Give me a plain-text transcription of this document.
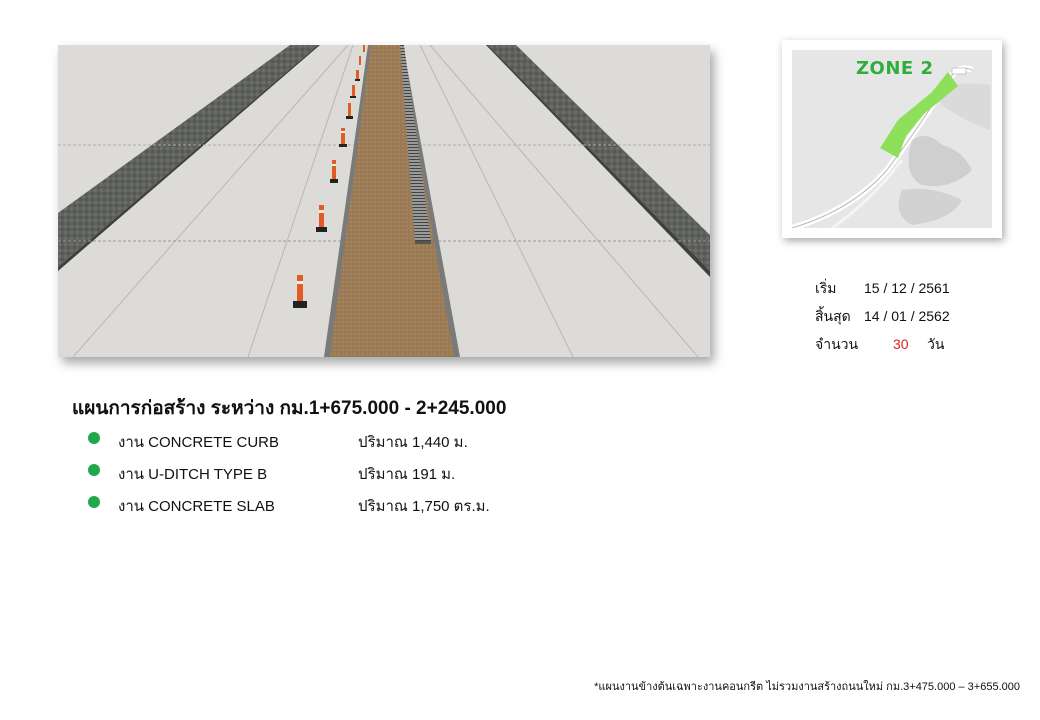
ZONE 2
เริ่ม 15 / 12 / 2561
สิ้นสุด 14 / 01 / 2562
จำนวน 30 วัน
แผนการก่อสร้าง ระหว่าง กม.1+675.000 - 2+245.000
งาน CONCRETE CURB	ปริมาณ 1,440 ม.
งาน U-DITCH TYPE B	ปริมาณ 191 ม.
งาน CONCRETE SLAB	ปริมาณ 1,750 ตร.ม.
*แผนงานข้างต้นเฉพาะงานคอนกรีต ไม่รวมงานสร้างถนนใหม่ กม.3+475.000 – 3+655.000
